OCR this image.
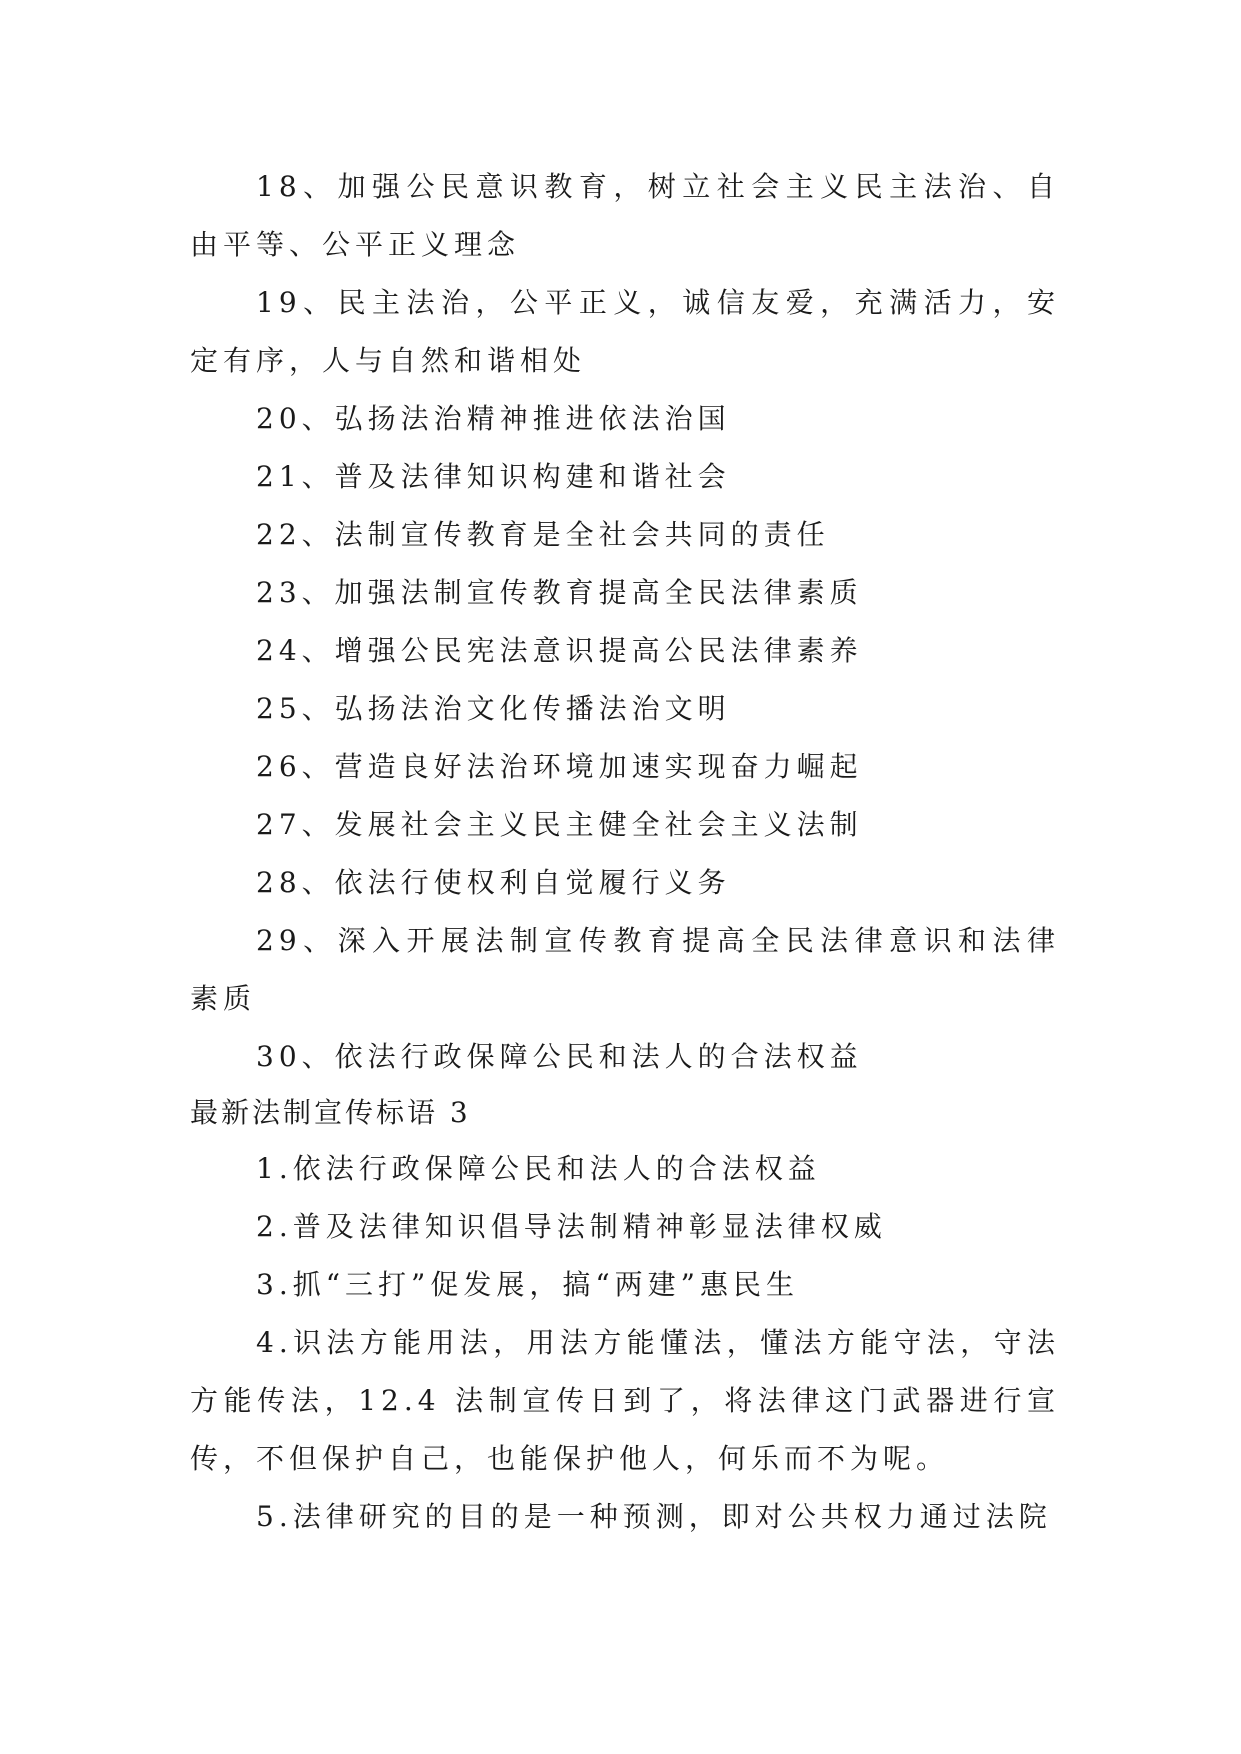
18、加强公民意识教育，树立社会主义民主法治、自由平等、公平正义理念

19、民主法治，公平正义，诚信友爱，充满活力，安定有序，人与自然和谐相处

20、弘扬法治精神推进依法治国

21、普及法律知识构建和谐社会

22、法制宣传教育是全社会共同的责任

23、加强法制宣传教育提高全民法律素质

24、增强公民宪法意识提高公民法律素养

25、弘扬法治文化传播法治文明

26、营造良好法治环境加速实现奋力崛起

27、发展社会主义民主健全社会主义法制

28、依法行使权利自觉履行义务

29、深入开展法制宣传教育提高全民法律意识和法律素质

30、依法行政保障公民和法人的合法权益

最新法制宣传标语 3

1.依法行政保障公民和法人的合法权益

2.普及法律知识倡导法制精神彰显法律权威

3.抓“三打”促发展，搞“两建”惠民生

4.识法方能用法，用法方能懂法，懂法方能守法，守法方能传法，12.4 法制宣传日到了，将法律这门武器进行宣传，不但保护自己，也能保护他人，何乐而不为呢。

5.法律研究的目的是一种预测，即对公共权力通过法院
